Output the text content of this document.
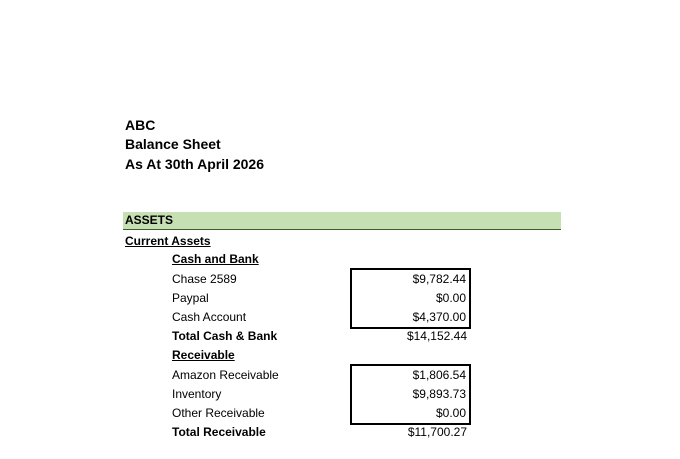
ABC
Balance Sheet
As At 30th April 2026
ASSETS
Current Assets
Cash and Bank
Chase 2589
Paypal
Cash Account
$9,782.44
$0.00
$4,370.00
Total Cash & Bank	$14,152.44
Receivable
Amazon Receivable
Inventory
Other Receivable
$1,806.54
$9,893.73
$0.00
Total Receivable	$11,700.27
